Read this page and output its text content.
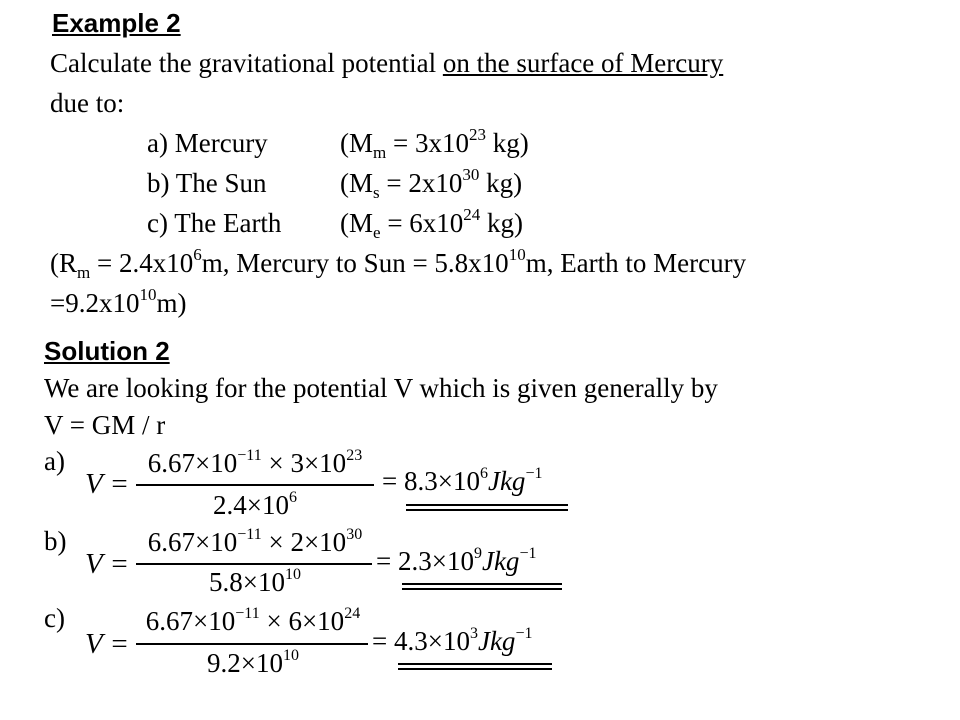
Example 2
Calculate the gravitational potential on the surface of Mercury
due to:
a) Mercury	($M_m = 3x10^{23}$ kg)
b) The Sun	($M_s = 2x10^{30}$ kg)
c) The Earth ($M_e = 6x10^{24}$ kg)
($R_m = 2.4x10^6m$, Mercury to Sun = $5.8x10^{10}m$, Earth to Mercury
$=9.2x10^{10}m$)
Solution 2
We are looking for the potential V which is given generally by
V = GM / r
a)
V =
$6.67\times 10^{-11} \times 3\times 10^{23}$
$2.4\times 10^6$
= $8.3\times 10^6Jkg^{-1}$
b)
V =
$6.67\times 10^{-11} \times 2\times 10^{30}$
$5.8\times 10^{10}$	= $2.3\times 10^9Jkg^{-1}$
c)
V =
$6.67\times 10^{-11} \times 6\times 10^{24}$
$9.2\times 10^{10}$	= $4.3\times 10^3Jkg^{-1}$
